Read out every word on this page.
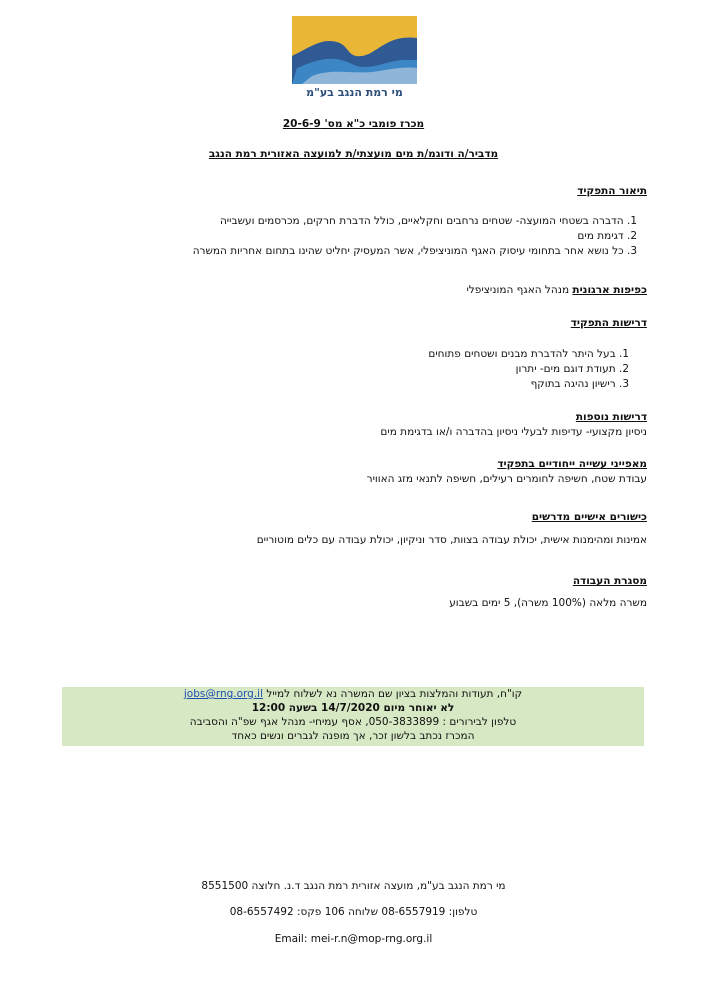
מי רמת הנגב בע"מ
מכרז פומבי כ"א מס' 20-6-9
מדביר/ה ודוגמ/ת מים מועצתי/ת למועצה האזורית רמת הנגב
תיאור התפקיד
1. הדברה בשטחי המועצה- שטחים נרחבים וחקלאיים, כולל הדברת חרקים, מכרסמים ועשבייה
2. דגימת מים
3. כל נושא אחר בתחומי עיסוק האגף המוניציפלי, אשר המעסיק יחליט שהינו בתחום אחריות המשרה
כפיפות ארגונית מנהל האגף המוניציפלי
דרישות התפקיד
1. בעל היתר להדברת מבנים ושטחים פתוחים
2. תעודת דוגם מים- יתרון
3. רישיון נהיגה בתוקף
דרישות נוספות
ניסיון מקצועי- עדיפות לבעלי ניסיון בהדברה ו/או בדגימת מים
מאפייני עשייה ייחודיים בתפקיד
עבודת שטח, חשיפה לחומרים רעילים, חשיפה לתנאי מזג האוויר
כישורים אישיים מדרשים
אמינות ומהימנות אישית, יכולת עבודה בצוות, סדר וניקיון, יכולת עבודה עם כלים מוטוריים
מסגרת העבודה
משרה מלאה (100% משרה), 5 ימים בשבוע
קו"ח, תעודות והמלצות בציון שם המשרה נא לשלוח למייל jobs@rng.org.il
לא יאוחר מיום 14/7/2020 בשעה 12:00
טלפון לבירורים : 050-3833899, אסף עמיחי- מנהל אגף שפ"ה והסביבה
המכרז נכתב בלשון זכר, אך מופנה לגברים ונשים כאחד
מי רמת הנגב בע"מ, מועצה אזורית רמת הנגב ד.נ. חלוצה 8551500
טלפון: 08-6557919 שלוחה 106 פקס: 08-6557492
Email: mei-r.n@mop-rng.org.il
